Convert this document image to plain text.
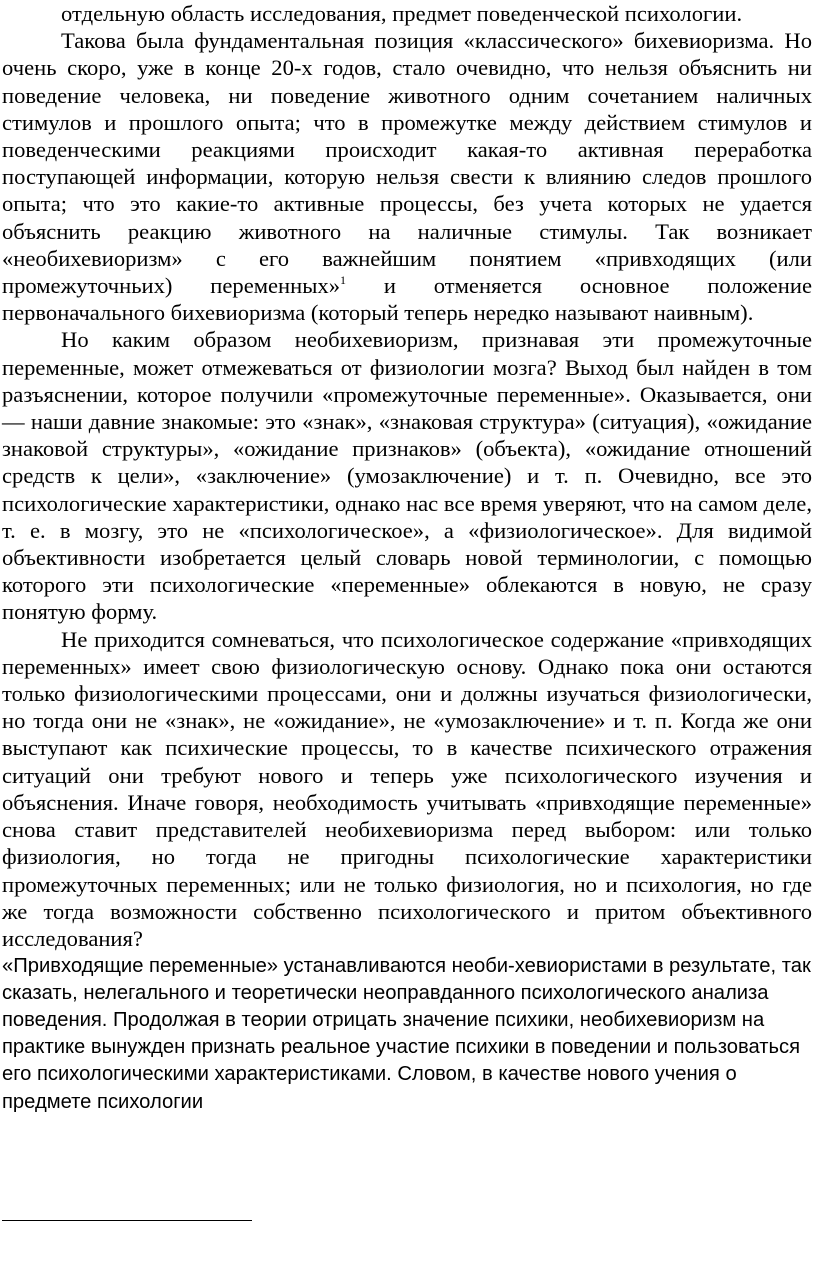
отдельную область исследования, предмет поведенческой психологии.

Такова была фундаментальная позиция «классического» бихевиоризма. Но очень скоро, уже в конце 20-х годов, стало очевидно, что нельзя объяснить ни поведение человека, ни поведение животного одним сочетанием наличных стимулов и прошлого опыта; что в промежутке между действием стимулов и поведенческими реакциями происходит какая-то активная переработка поступающей информации, которую нельзя свести к влиянию следов прошлого опыта; что это какие-то активные процессы, без учета которых не удается объяснить реакцию животного на наличные стимулы. Так возникает «необихевиоризм» с его важнейшим понятием «привходящих (или промежуточньих) переменных»$^1$ и отменяется основное положение первоначального бихевиоризма (который теперь нередко называют наивным).

Но каким образом необихевиоризм, признавая эти промежуточные переменные, может отмежеваться от физиологии мозга? Выход был найден в том разъяснении, которое получили «промежуточные переменные». Оказывается, они — наши давние знакомые: это «знак», «знаковая структура» (ситуация), «ожидание знаковой структуры», «ожидание признаков» (объекта), «ожидание отношений средств к цели», «заключение» (умозаключение) и т. п. Очевидно, все это психологические характеристики, однако нас все время уверяют, что на самом деле, т. е. в мозгу, это не «психологическое», а «физиологическое». Для видимой объективности изобретается целый словарь новой терминологии, с помощью которого эти психологические «переменные» облекаются в новую, не сразу понятую форму.

Не приходится сомневаться, что психологическое содержание «привходящих переменных» имеет свою физиологическую основу. Однако пока они остаются только физиологическими процессами, они и должны изучаться физиологически, но тогда они не «знак», не «ожидание», не «умозаключение» и т. п. Когда же они выступают как психические процессы, то в качестве психического отражения ситуаций они требуют нового и теперь уже психологического изучения и объяснения. Иначе говоря, необходимость учитывать «привходящие переменные» снова ставит представителей необихевиоризма перед выбором: или только физиология, но тогда не пригодны психологические характеристики промежуточных переменных; или не только физиология, но и психология, но где же тогда возможности собственно психологического и притом объективного исследования?

«Привходящие переменные» устанавливаются необи-хевиористами в результате, так сказать, нелегального и теоретически неоправданного психологического анализа поведения. Продолжая в теории отрицать значение психики, необихевиоризм на практике вынужден признать реальное участие психики в поведении и пользоваться его психологическими характеристиками. Словом, в качестве нового учения о предмете психологии
